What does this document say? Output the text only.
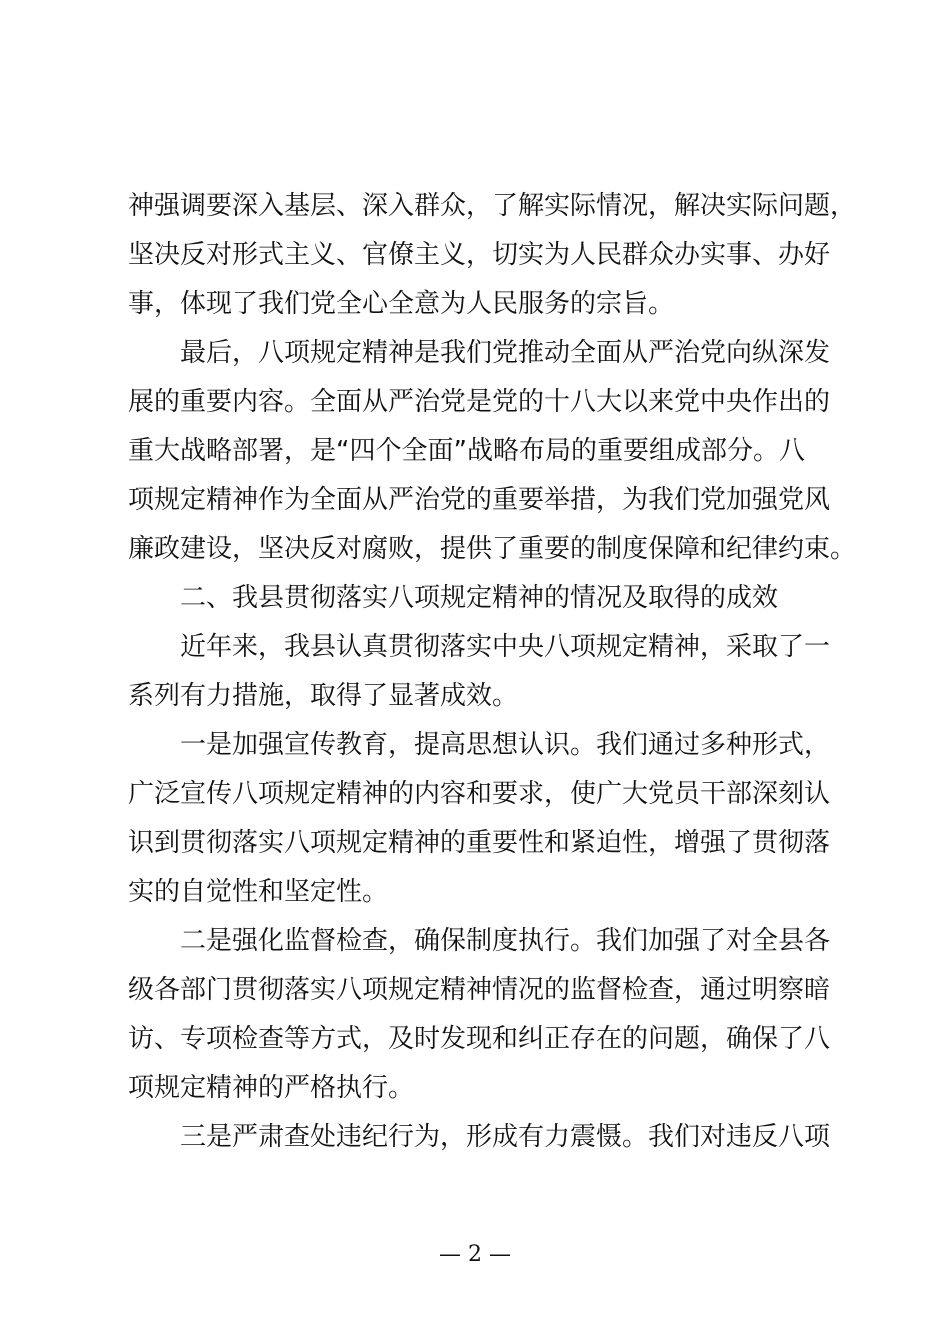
神强调要深入基层、深入群众，了解实际情况，解决实际问题，
坚决反对形式主义、官僚主义，切实为人民群众办实事、办好
事，体现了我们党全心全意为人民服务的宗旨。
最后，八项规定精神是我们党推动全面从严治党向纵深发
展的重要内容。全面从严治党是党的十八大以来党中央作出的
重大战略部署，是“四个全面”战略布局的重要组成部分。八
项规定精神作为全面从严治党的重要举措，为我们党加强党风
廉政建设，坚决反对腐败，提供了重要的制度保障和纪律约束。
二、我县贯彻落实八项规定精神的情况及取得的成效
近年来，我县认真贯彻落实中央八项规定精神，采取了一
系列有力措施，取得了显著成效。
一是加强宣传教育，提高思想认识。我们通过多种形式，
广泛宣传八项规定精神的内容和要求，使广大党员干部深刻认
识到贯彻落实八项规定精神的重要性和紧迫性，增强了贯彻落
实的自觉性和坚定性。
二是强化监督检查，确保制度执行。我们加强了对全县各
级各部门贯彻落实八项规定精神情况的监督检查，通过明察暗
访、专项检查等方式，及时发现和纠正存在的问题，确保了八
项规定精神的严格执行。
三是严肃查处违纪行为，形成有力震慑。我们对违反八项
— 2 —
